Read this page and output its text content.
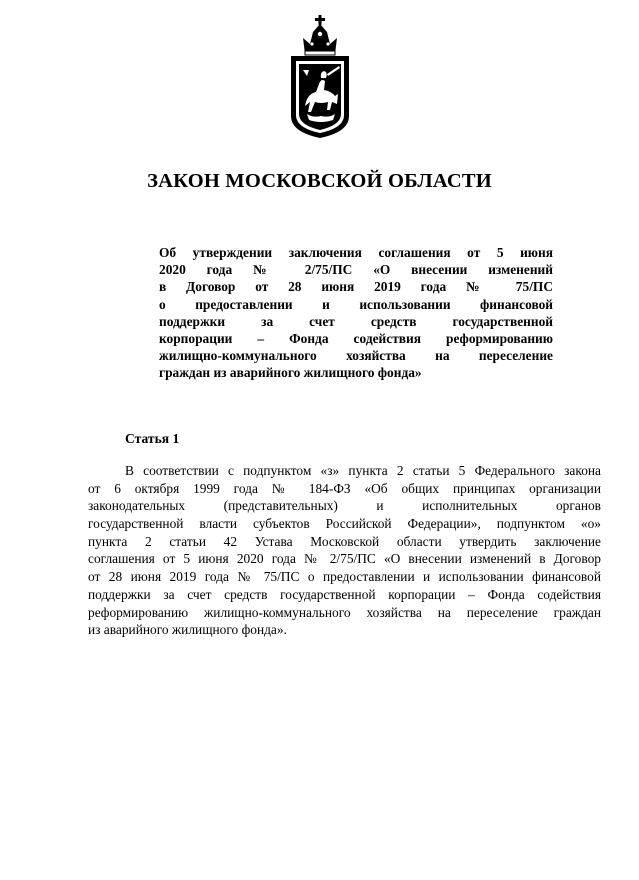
ЗАКОН МОСКОВСКОЙ ОБЛАСТИ
Об утверждении заключения соглашения от 5 июня
2020 года № 2/75/ПС «О внесении изменений
в Договор от 28 июня 2019 года № 75/ПС
о предоставлении и использовании финансовой
поддержки за счет средств государственной
корпорации – Фонда содействия реформированию
жилищно-коммунального хозяйства на переселение
граждан из аварийного жилищного фонда»
Статья 1
В соответствии с подпунктом «з» пункта 2 статьи 5 Федерального закона
от 6 октября 1999 года № 184-ФЗ «Об общих принципах организации
законодательных (представительных) и исполнительных органов
государственной власти субъектов Российской Федерации», подпунктом «о»
пункта 2 статьи 42 Устава Московской области утвердить заключение
соглашения от 5 июня 2020 года № 2/75/ПС «О внесении изменений в Договор
от 28 июня 2019 года № 75/ПС о предоставлении и использовании финансовой
поддержки за счет средств государственной корпорации – Фонда содействия
реформированию жилищно-коммунального хозяйства на переселение граждан
из аварийного жилищного фонда».
